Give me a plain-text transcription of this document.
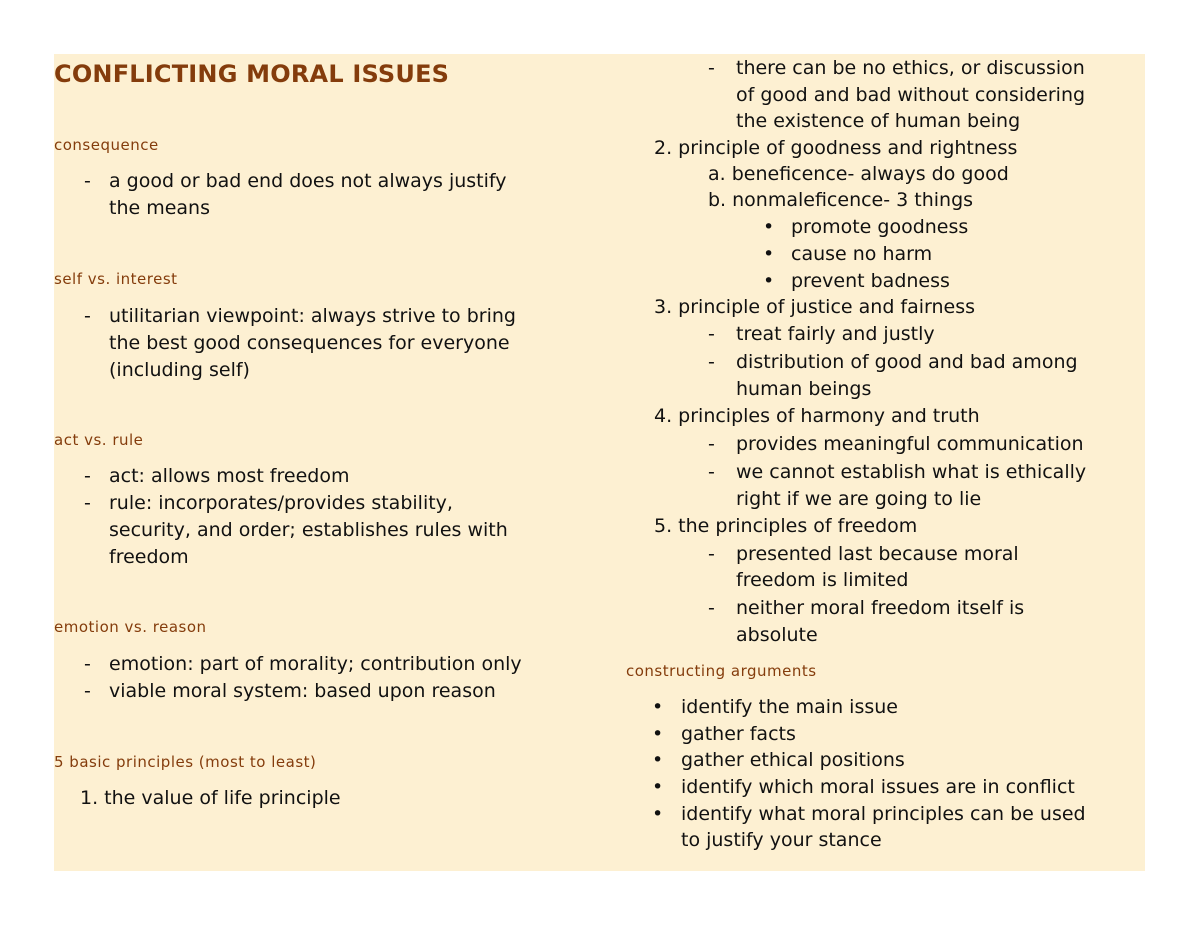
CONFLICTING MORAL ISSUES
consequence
- a good or bad end does not always justify
the means
self vs. interest
- utilitarian viewpoint: always strive to bring
the best good consequences for everyone
(including self)
act vs. rule
- act: allows most freedom
- rule: incorporates/provides stability,
security, and order; establishes rules with
freedom
emotion vs. reason
- emotion: part of morality; contribution only
- viable moral system: based upon reason
5 basic principles (most to least)
1. the value of life principle
- there can be no ethics, or discussion
of good and bad without considering
the existence of human being
2. principle of goodness and rightness
a. beneficence- always do good
b. nonmaleficence- 3 things
• promote goodness
• cause no harm
• prevent badness
3. principle of justice and fairness
- treat fairly and justly
- distribution of good and bad among
human beings
4. principles of harmony and truth
- provides meaningful communication
- we cannot establish what is ethically
right if we are going to lie
5. the principles of freedom
- presented last because moral
freedom is limited
- neither moral freedom itself is
absolute
constructing arguments
• identify the main issue
• gather facts
• gather ethical positions
• identify which moral issues are in conflict
• identify what moral principles can be used
to justify your stance
